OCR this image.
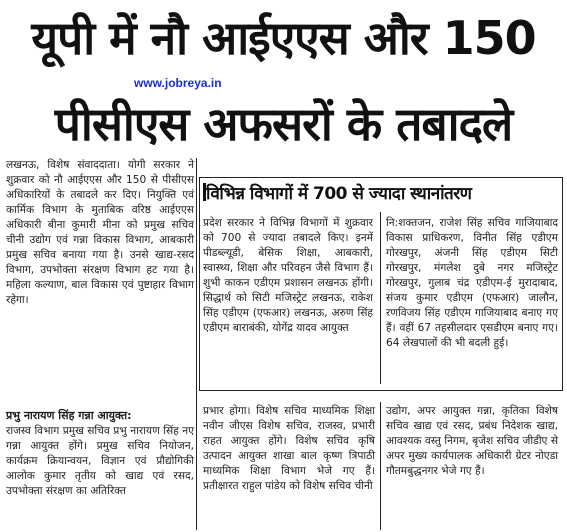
यूपी में नौ आईएएस और 150
www.jobreya.in
पीसीएस अफसरों के तबादले

लखनऊ, विशेष संवाददाता। योगी सरकार ने शुक्रवार को नौ आईएएस और 150 से पीसीएस अधिकारियों के तबादले कर दिए। नियुक्ति एवं कार्मिक विभाग के मुताबिक वरिष्ठ आईएएस अधिकारी बीना कुमारी मीना को प्रमुख सचिव चीनी उद्योग एवं गन्ना विकास विभाग, आबकारी प्रमुख सचिव बनाया गया है। उनसे खाद्य-रसद विभाग, उपभोक्ता संरक्षण विभाग हट गया है। महिला कल्याण, बाल विकास एवं पुष्टाहार विभाग रहेगा।

प्रभु नारायण सिंह गन्ना आयुक्त:

राजस्व विभाग प्रमुख सचिव प्रभु नारायण सिंह नए गन्ना आयुक्त होंगे। प्रमुख सचिव नियोजन, कार्यक्रम क्रियान्वयन, विज्ञान एवं प्रौद्योगिकी आलोक कुमार तृतीय को खाद्य एवं रसद, उपभोक्ता संरक्षण का अतिरिक्त

विभिन्न विभागों में 700 से ज्यादा स्थानांतरण

प्रदेश सरकार ने विभिन्न विभागों में शुक्रवार को 700 से ज्यादा तबादले किए। इनमें पीडब्ल्यूडी, बेसिक शिक्षा, आबकारी, स्वास्थ्य, शिक्षा और परिवहन जैसे विभाग हैं। शुभी काकन एडीएम प्रशासन लखनऊ होंगी। सिद्धार्थ को सिटी मजिस्ट्रेट लखनऊ, राकेश सिंह एडीएम (एफआर) लखनऊ, अरुण सिंह एडीएम बाराबंकी, योगेंद्र यादव आयुक्त

नि:शक्तजन, राजेश सिंह सचिव गाजियाबाद विकास प्राधिकरण, विनीत सिंह एडीएम गोरखपुर, अंजनी सिंह एडीएम सिटी गोरखपुर, मंगलेश दुबे नगर मजिस्ट्रेट गोरखपुर, गुलाब चंद्र एडीएम-ई मुरादाबाद, संजय कुमार एडीएम (एफआर) जालौन, रणविजय सिंह एडीएम गाजियाबाद बनाए गए हैं। वहीं 67 तहसीलदार एसडीएम बनाए गए। 64 लेखपालों की भी बदली हुई।

प्रभार होगा। विशेष सचिव माध्यमिक शिक्षा नवीन जीएस विशेष सचिव, राजस्व, प्रभारी राहत आयुक्त होंगे। विशेष सचिव कृषि उत्पादन आयुक्त शाखा बाल कृष्ण त्रिपाठी माध्यमिक शिक्षा विभाग भेजे गए हैं। प्रतीक्षारत राहुल पांडेय को विशेष सचिव चीनी

उद्योग, अपर आयुक्त गन्ना, कृतिका विशेष सचिव खाद्य एवं रसद, प्रबंध निदेशक खाद्य, आवश्यक वस्तु निगम, बृजेश सचिव जीडीए से अपर मुख्य कार्यपालक अधिकारी ग्रेटर नोएडा गौतमबुद्धनगर भेजे गए हैं।
